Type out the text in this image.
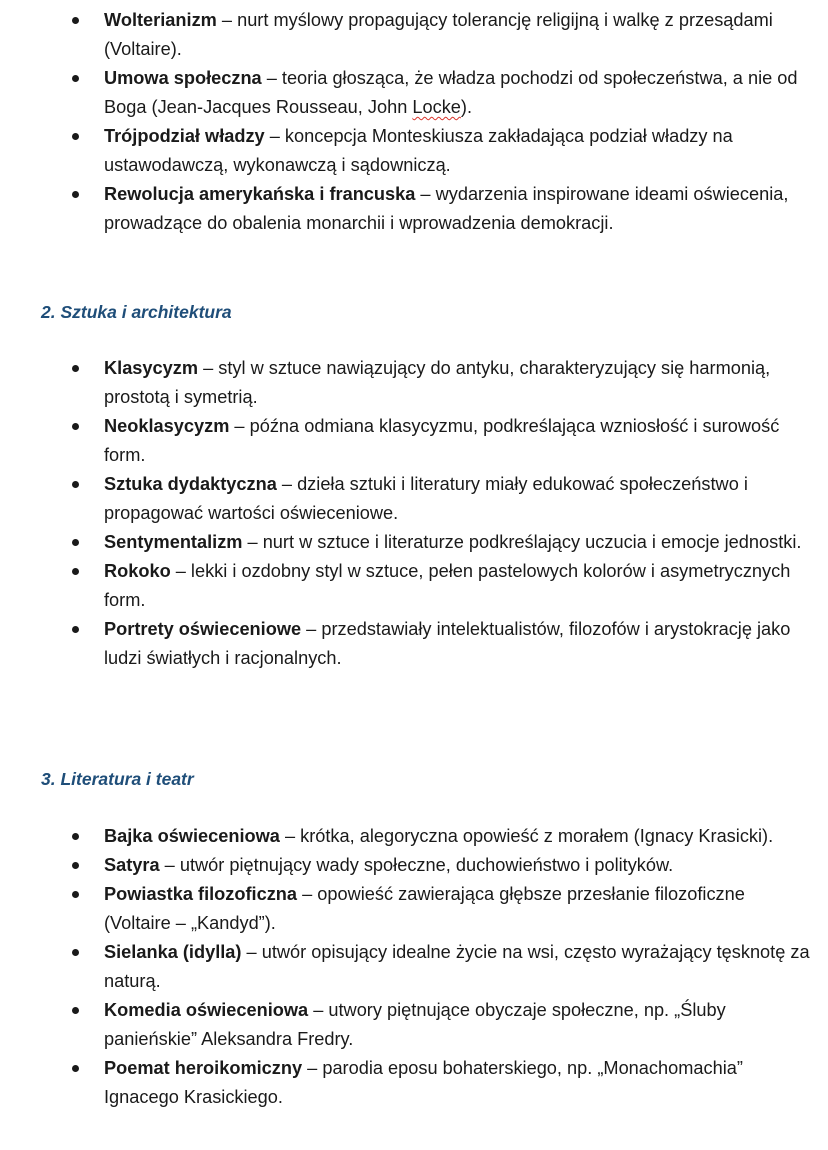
Wolterianizm – nurt myślowy propagujący tolerancję religijną i walkę z przesądami (Voltaire).
Umowa społeczna – teoria głosząca, że władza pochodzi od społeczeństwa, a nie od Boga (Jean-Jacques Rousseau, John Locke).
Trójpodział władzy – koncepcja Monteskiusza zakładająca podział władzy na ustawodawczą, wykonawczą i sądowniczą.
Rewolucja amerykańska i francuska – wydarzenia inspirowane ideami oświecenia, prowadzące do obalenia monarchii i wprowadzenia demokracji.
2. Sztuka i architektura
Klasycyzm – styl w sztuce nawiązujący do antyku, charakteryzujący się harmonią, prostotą i symetrią.
Neoklasycyzm – późna odmiana klasycyzmu, podkreślająca wzniosłość i surowość form.
Sztuka dydaktyczna – dzieła sztuki i literatury miały edukować społeczeństwo i propagować wartości oświeceniowe.
Sentymentalizm – nurt w sztuce i literaturze podkreślający uczucia i emocje jednostki.
Rokoko – lekki i ozdobny styl w sztuce, pełen pastelowych kolorów i asymetrycznych form.
Portrety oświeceniowe – przedstawiały intelektualistów, filozofów i arystokrację jako ludzi światłych i racjonalnych.
3. Literatura i teatr
Bajka oświeceniowa – krótka, alegoryczna opowieść z morałem (Ignacy Krasicki).
Satyra – utwór piętnujący wady społeczne, duchowieństwo i polityków.
Powiastka filozoficzna – opowieść zawierająca głębsze przesłanie filozoficzne (Voltaire – „Kandyd”).
Sielanka (idylla) – utwór opisujący idealne życie na wsi, często wyrażający tęsknotę za naturą.
Komedia oświeceniowa – utwory piętnujące obyczaje społeczne, np. „Śluby panieńskie” Aleksandra Fredry.
Poemat heroikomiczny – parodia eposu bohaterskiego, np. „Monachomachia” Ignacego Krasickiego.
